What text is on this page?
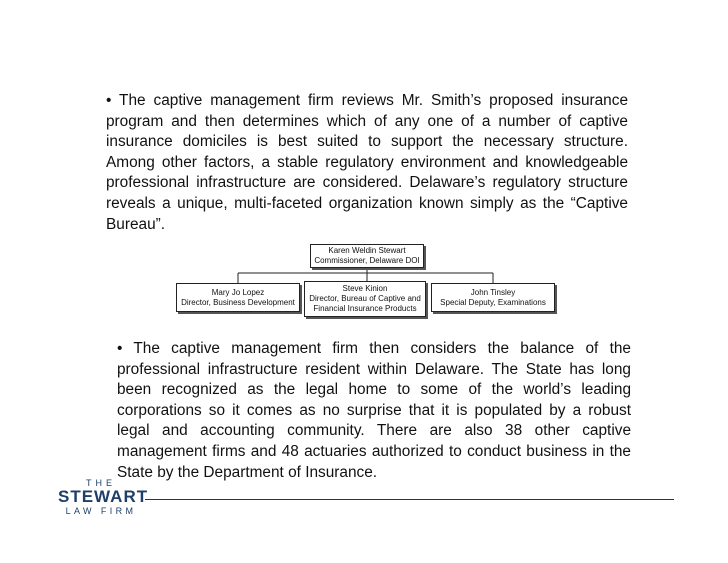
• The captive management firm reviews Mr. Smith’s proposed insurance program and then determines which of any one of a number of captive insurance domiciles is best suited to support the necessary structure. Among other factors, a stable regulatory environment and knowledgeable professional infrastructure are considered. Delaware’s regulatory structure reveals a unique, multi-faceted organization known simply as the “Captive Bureau”.

Karen Weldin Stewart
Commissioner, Delaware DOI
Mary Jo Lopez
Director, Business Development
Steve Kinion
Director, Bureau of Captive and
Financial Insurance Products
John Tinsley
Special Deputy, Examinations

• The captive management firm then considers the balance of the professional infrastructure resident within Delaware. The State has long been recognized as the legal home to some of the world’s leading corporations so it comes as no surprise that it is populated by a robust legal and accounting community. There are also 38 other captive management firms and 48 actuaries authorized to conduct business in the State by the Department of Insurance.

THE
STEWART
LAW FIRM
